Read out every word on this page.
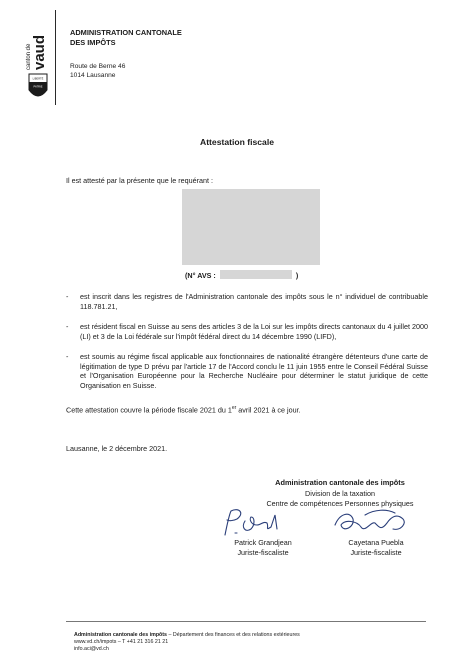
canton de vaud
LIBERTÉ
PATRIE
ADMINISTRATION CANTONALE
DES IMPÔTS
Route de Berne 46
1014 Lausanne
Attestation fiscale
Il est attesté par la présente que le requérant :
(N° AVS :	)
- est inscrit dans les registres de l'Administration cantonale des impôts sous le n° individuel de contribuable 118.781.21,
- est résident fiscal en Suisse au sens des articles 3 de la Loi sur les impôts directs cantonaux du 4 juillet 2000 (LI) et 3 de la Loi fédérale sur l'impôt fédéral direct du 14 décembre 1990 (LIFD),
- est soumis au régime fiscal applicable aux fonctionnaires de nationalité étrangère détenteurs d'une carte de légitimation de type D prévu par l'article 17 de l'Accord conclu le 11 juin 1955 entre le Conseil Fédéral Suisse et l'Organisation Européenne pour la Recherche Nucléaire pour déterminer le statut juridique de cette Organisation en Suisse.
Cette attestation couvre la période fiscale 2021 du 1er avril 2021 à ce jour.
Lausanne, le 2 décembre 2021.
Administration cantonale des impôts
Division de la taxation
Centre de compétences Personnes physiques
Patrick Grandjean
Juriste-fiscaliste
Cayetana Puebla
Juriste-fiscaliste
Administration cantonale des impôts – Département des finances et des relations extérieures
www.vd.ch/impots – T +41 21 316 21 21
info.aci@vd.ch
